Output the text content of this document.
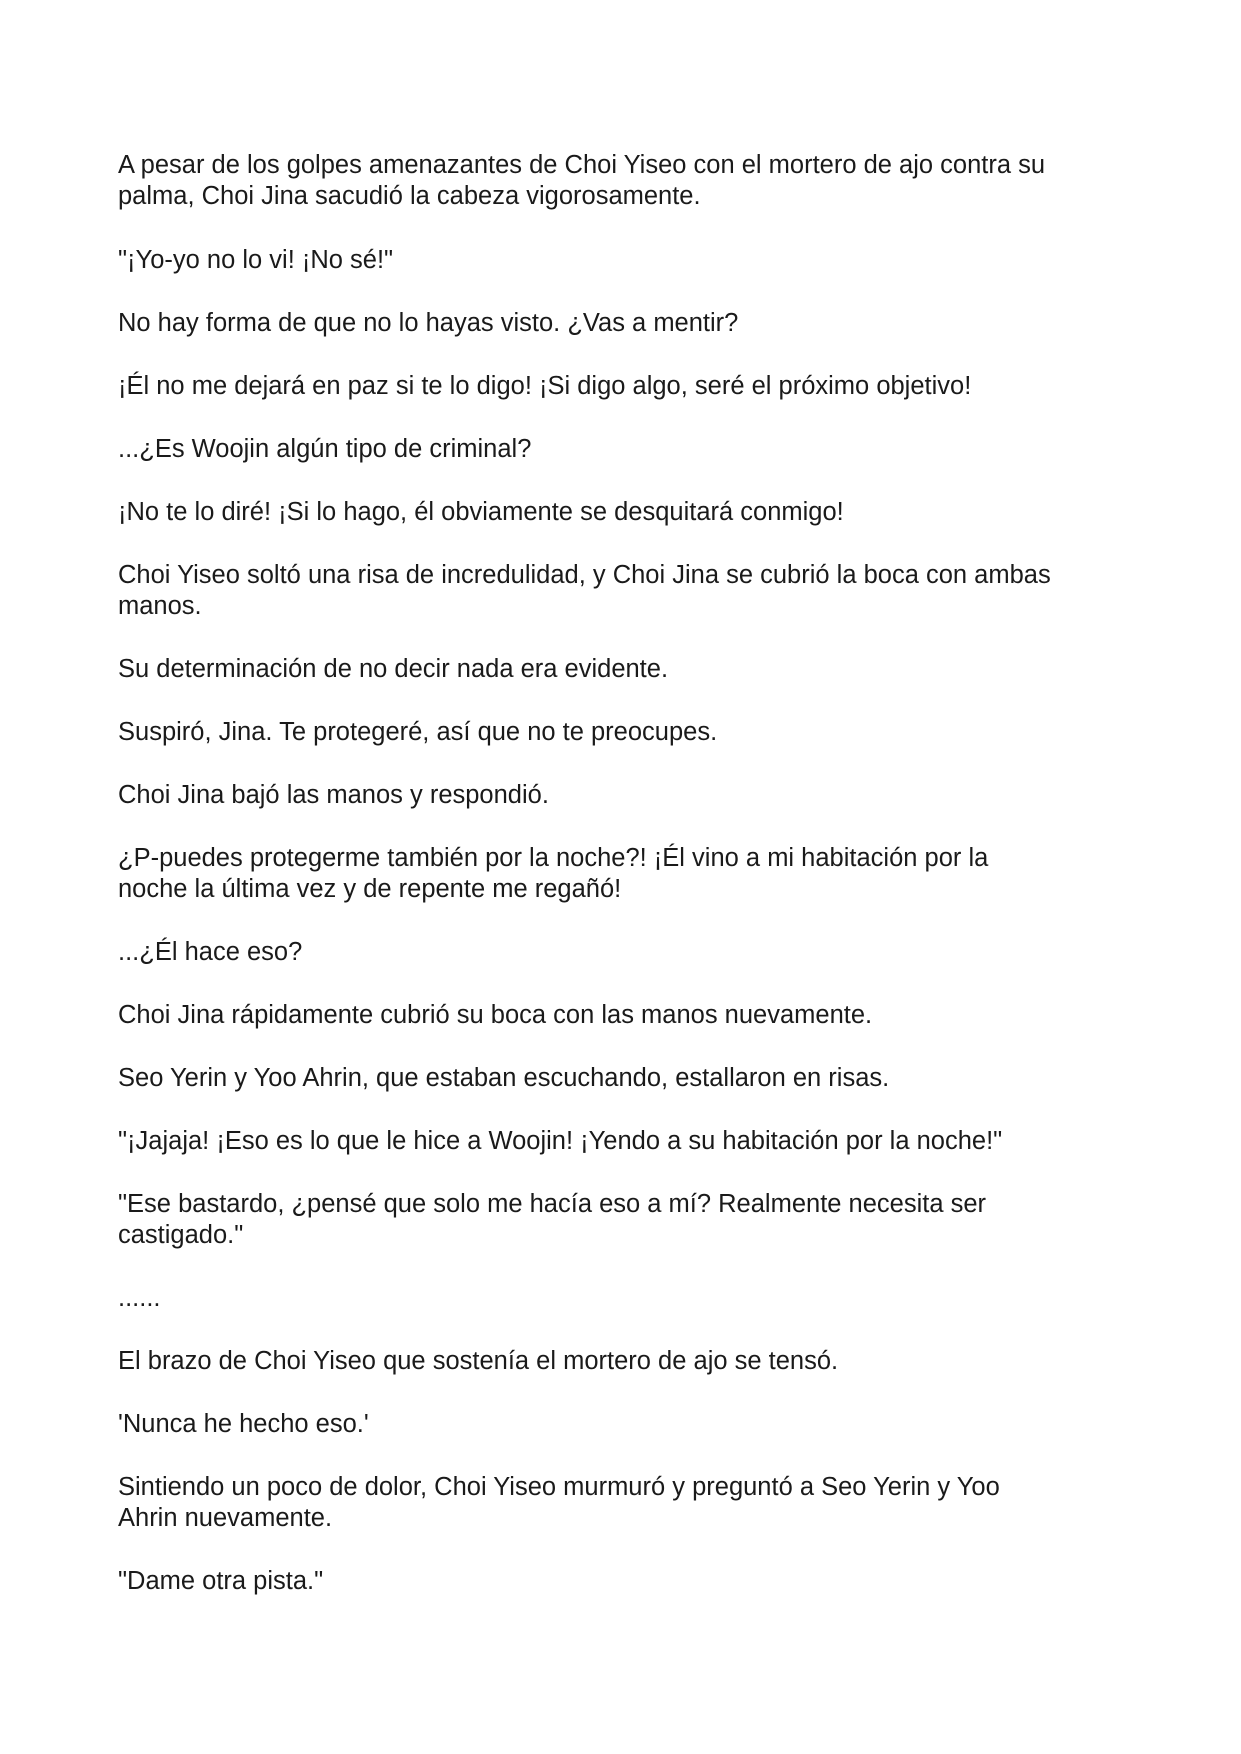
A pesar de los golpes amenazantes de Choi Yiseo con el mortero de ajo contra su

palma, Choi Jina sacudió la cabeza vigorosamente.

"¡Yo-yo no lo vi! ¡No sé!"

No hay forma de que no lo hayas visto. ¿Vas a mentir?

¡Él no me dejará en paz si te lo digo! ¡Si digo algo, seré el próximo objetivo!

...¿Es Woojin algún tipo de criminal?

¡No te lo diré! ¡Si lo hago, él obviamente se desquitará conmigo!

Choi Yiseo soltó una risa de incredulidad, y Choi Jina se cubrió la boca con ambas

manos.

Su determinación de no decir nada era evidente.

Suspiró, Jina. Te protegeré, así que no te preocupes.

Choi Jina bajó las manos y respondió.

¿P-puedes protegerme también por la noche?! ¡Él vino a mi habitación por la

noche la última vez y de repente me regañó!

...¿Él hace eso?

Choi Jina rápidamente cubrió su boca con las manos nuevamente.

Seo Yerin y Yoo Ahrin, que estaban escuchando, estallaron en risas.

"¡Jajaja! ¡Eso es lo que le hice a Woojin! ¡Yendo a su habitación por la noche!"

"Ese bastardo, ¿pensé que solo me hacía eso a mí? Realmente necesita ser

castigado."

......

El brazo de Choi Yiseo que sostenía el mortero de ajo se tensó.

'Nunca he hecho eso.'

Sintiendo un poco de dolor, Choi Yiseo murmuró y preguntó a Seo Yerin y Yoo

Ahrin nuevamente.

"Dame otra pista."
